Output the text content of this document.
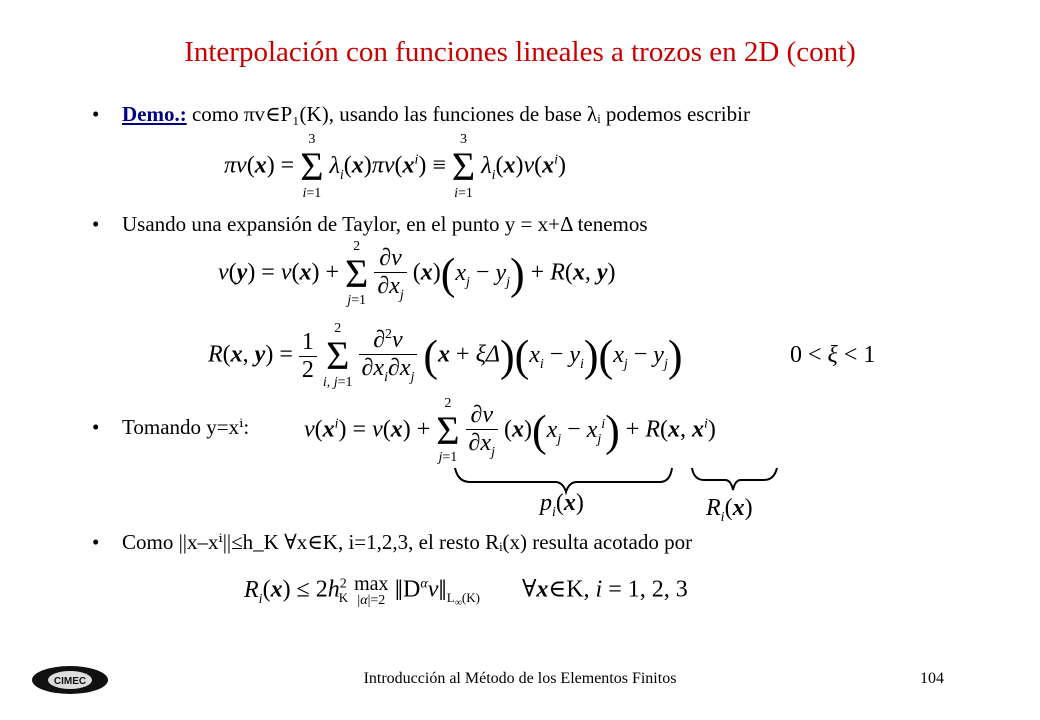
Interpolación con funciones lineales a trozos en 2D (cont)
• Demo.: como πv∈P₁(K), usando las funciones de base λᵢ podemos escribir
πv(x) =
3
Σ
i=1
$\lambda_i(x)\pi v(x^i)$ ≡
3
Σ
i=1
$\lambda_i(x)v(x^i)$
• Usando una expansión de Taylor, en el punto y = x+Δ tenemos
v(y) = v(x) +
2
Σ
j=1
$\frac{\partial v}{\partial x_j} (x)(x_j - y_j) + R(x$, y)
R(x, $y) = \frac{1}{2}$
	2
Σ
i, j=1
$\frac{\partial^2v}{\partial x_i\partial x_j} (x + \xi\Delta)(x_i - y_i)(x_j - y_j)$	0 < ξ < 1
• Tomando y=xⁱ: $v(x^i) = v(x)$ +
2
Σ
j=1
$\frac{\partial v}{\partial x_j} (x)(x_j - x_j^i) + R(x$, $x^i$)
$p_i(x)$	$R_i(x)$
• Como ||x–xⁱ||≤h_K ∀x∈K, i=1,2,3, el resto Rᵢ(x) resulta acotado por
$R_i(x) \le 2h^2_K$
max
|α|=2 $‖D^\alpha v‖_{L_\infty(K)}$       ∀x∈K, i = 1, 2, 3
CIMEC	Introducción al Método de los Elementos Finitos	104
